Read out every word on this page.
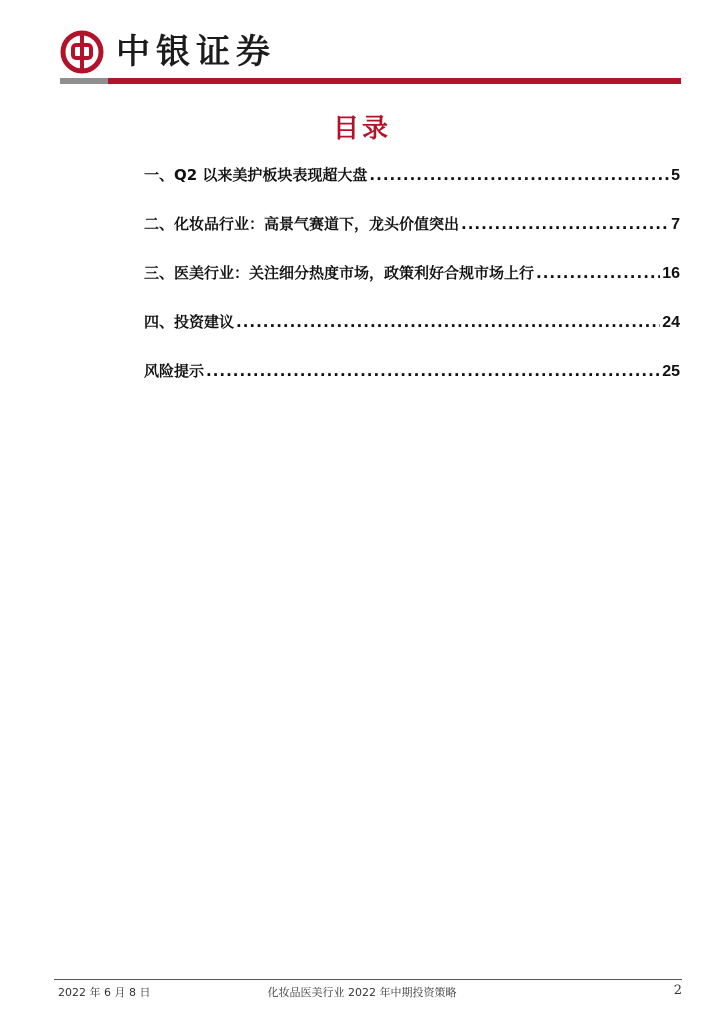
中银证券
目录
一、Q2 以来美护板块表现超大盘 .....	5
二、化妆品行业：高景气赛道下，龙头价值突出 .....	7
三、医美行业：关注细分热度市场，政策利好合规市场上行 .....	16
四、投资建议 .....	24
风险提示 .....	25
2022 年 6 月 8 日	化妆品医美行业 2022 年中期投资策略	2
